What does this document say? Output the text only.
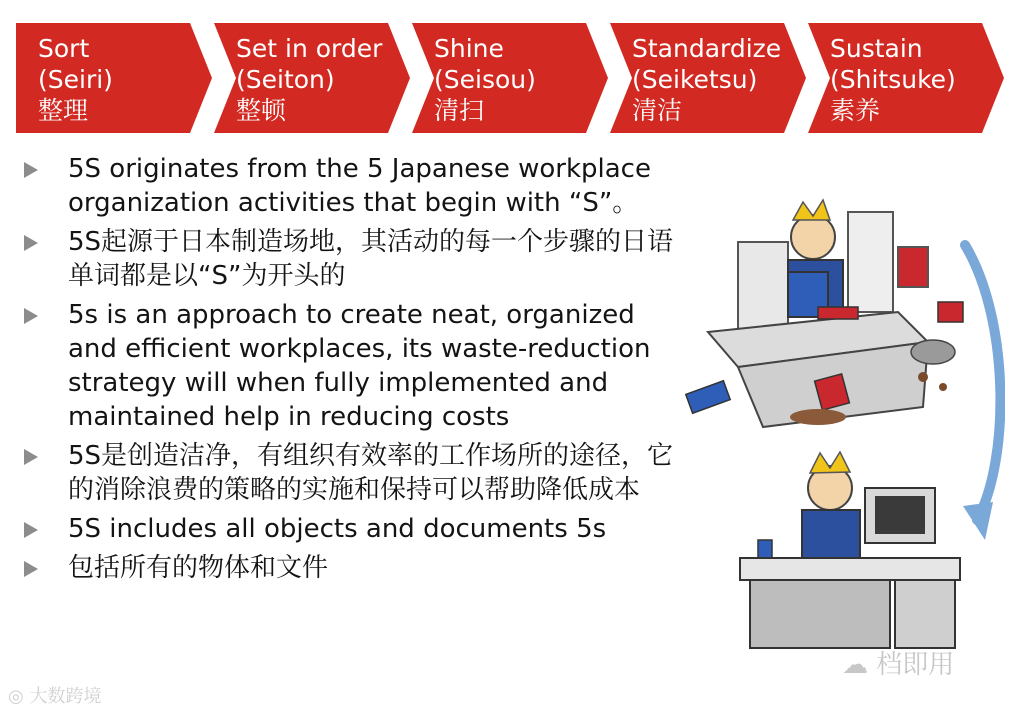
Sort
(Seiri)
整理
Set in order
(Seiton)
整顿
Shine
(Seisou)
清扫
Standardize
(Seiketsu)
清洁
Sustain
(Shitsuke)
素养
5S originates from the 5 Japanese workplace organization activities that begin with “S”。
5S起源于日本制造场地，其活动的每一个步骤的日语单词都是以“S”为开头的
5s is an approach to create neat, organized and efficient workplaces, its waste-reduction strategy will when fully implemented and maintained help in reducing costs
5S是创造洁净，有组织有效率的工作场所的途径，它的消除浪费的策略的实施和保持可以帮助降低成本
5S includes all objects and documents 5s
包括所有的物体和文件
☁ 档即用
◎ 大数跨境
